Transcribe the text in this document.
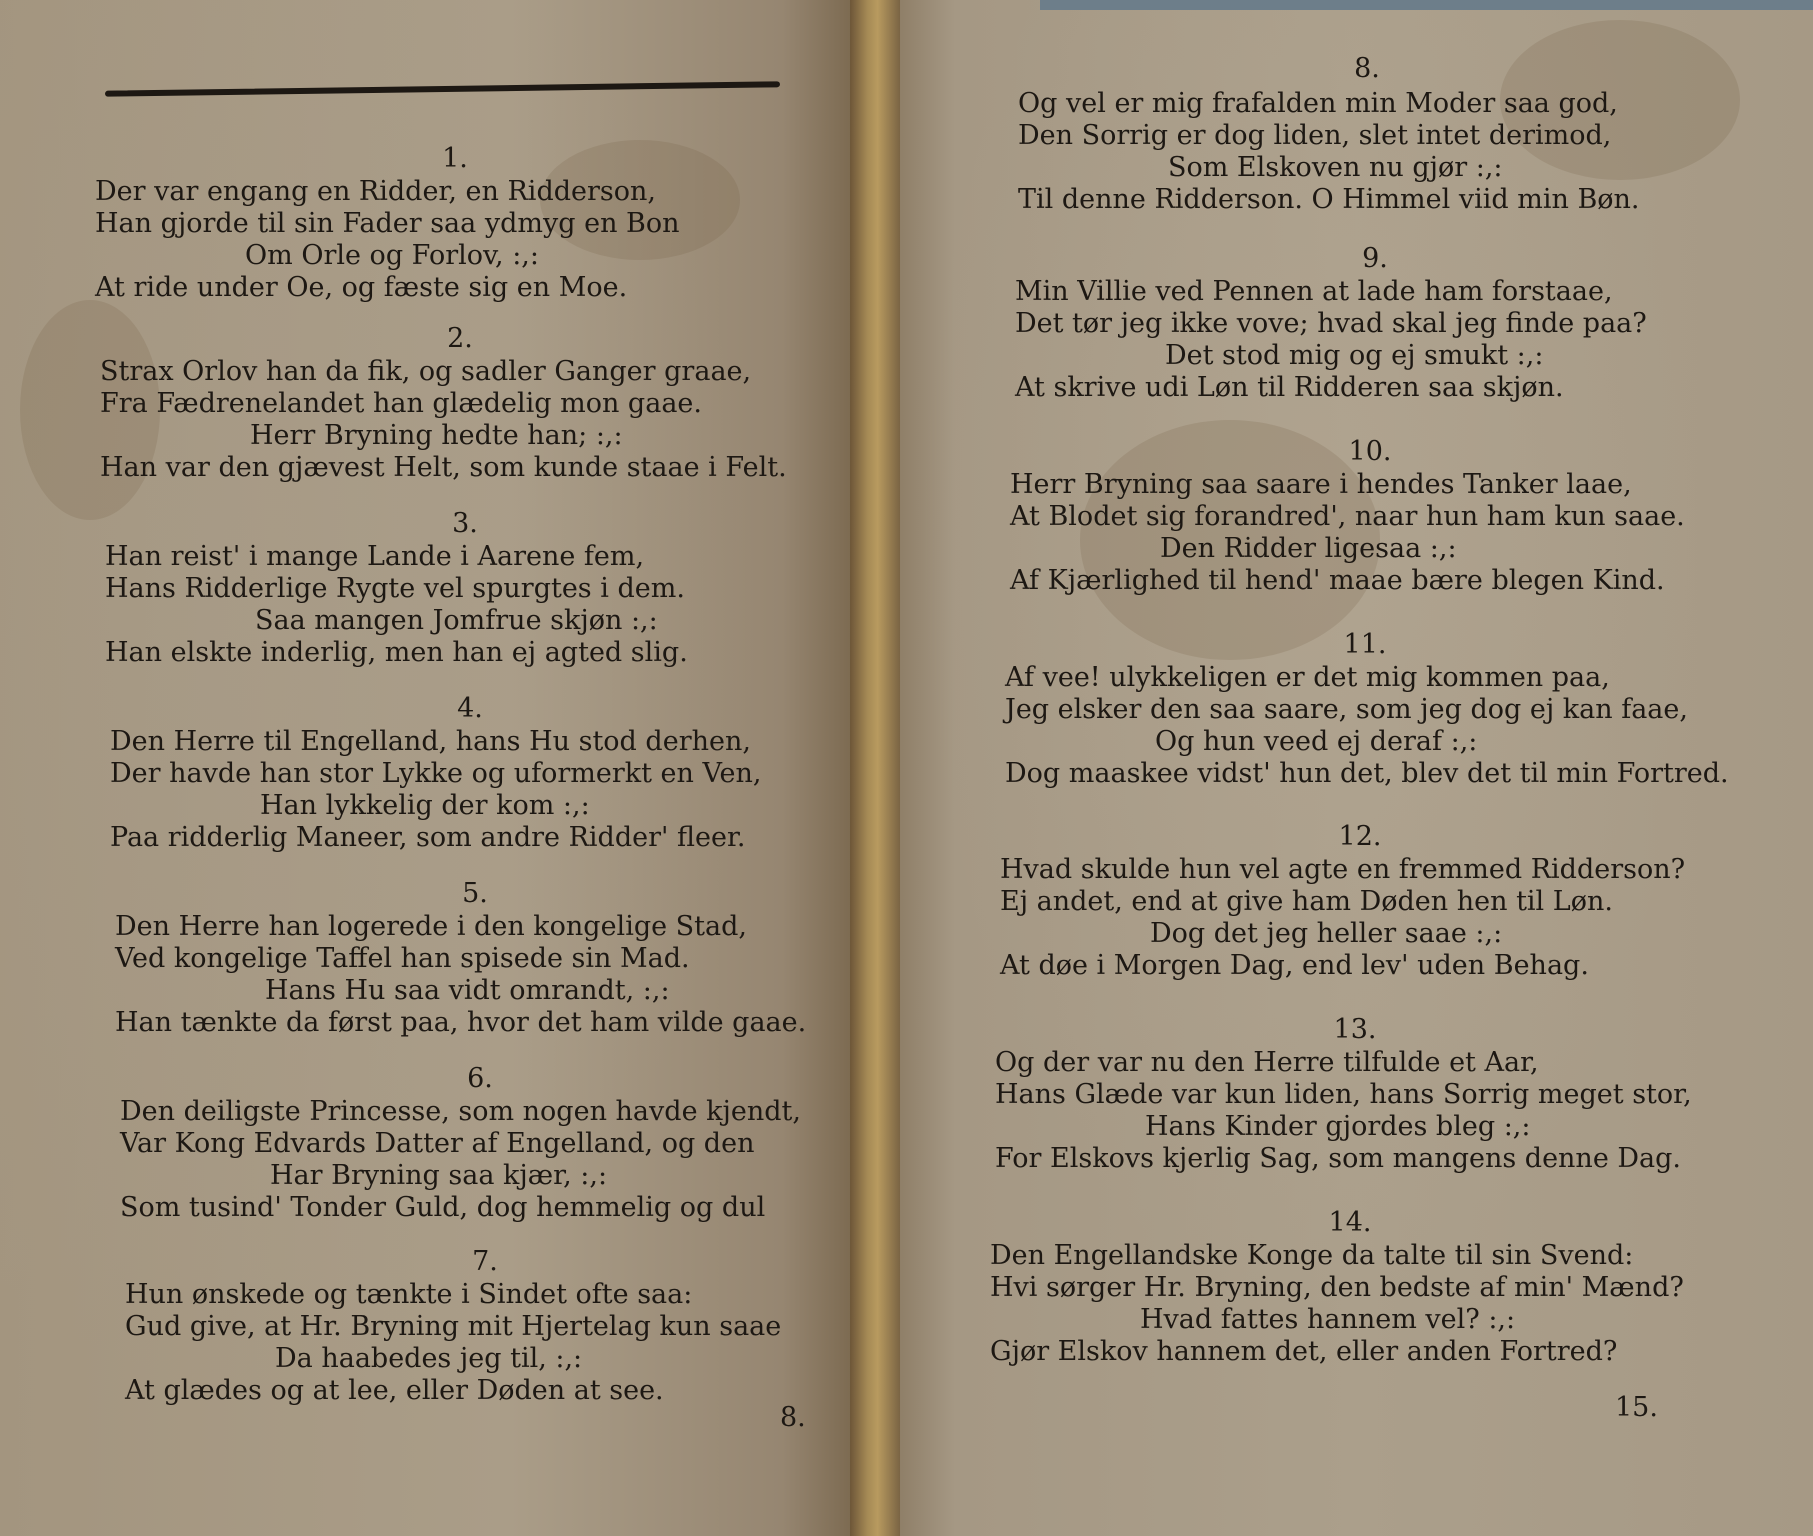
1.
Der var engang en Ridder, en Ridderson,
Han gjorde til sin Fader saa ydmyg en Bon
Om Orle og Forlov, :,:
At ride under Oe, og fæste sig en Moe.
2.
Strax Orlov han da fik, og sadler Ganger graae,
Fra Fædrenelandet han glædelig mon gaae.
Herr Bryning hedte han; :,:
Han var den gjævest Helt, som kunde staae i Felt.
3.
Han reist' i mange Lande i Aarene fem,
Hans Ridderlige Rygte vel spurgtes i dem.
Saa mangen Jomfrue skjøn :,:
Han elskte inderlig, men han ej agted slig.
4.
Den Herre til Engelland, hans Hu stod derhen,
Der havde han stor Lykke og uformerkt en Ven,
Han lykkelig der kom :,:
Paa ridderlig Maneer, som andre Ridder' fleer.
5.
Den Herre han logerede i den kongelige Stad,
Ved kongelige Taffel han spisede sin Mad.
Hans Hu saa vidt omrandt, :,:
Han tænkte da først paa, hvor det ham vilde gaae.
6.
Den deiligste Princesse, som nogen havde kjendt,
Var Kong Edvards Datter af Engelland, og den
Har Bryning saa kjær, :,:
Som tusind' Tonder Guld, dog hemmelig og dul
7.
Hun ønskede og tænkte i Sindet ofte saa:
Gud give, at Hr. Bryning mit Hjertelag kun saae
Da haabedes jeg til, :,:
At glædes og at lee, eller Døden at see.
8.
8.
Og vel er mig frafalden min Moder saa god,
Den Sorrig er dog liden, slet intet derimod,
Som Elskoven nu gjør :,:
Til denne Ridderson. O Himmel viid min Bøn.
9.
Min Villie ved Pennen at lade ham forstaae,
Det tør jeg ikke vove; hvad skal jeg finde paa?
Det stod mig og ej smukt :,:
At skrive udi Løn til Ridderen saa skjøn.
10.
Herr Bryning saa saare i hendes Tanker laae,
At Blodet sig forandred', naar hun ham kun saae.
Den Ridder ligesaa :,:
Af Kjærlighed til hend' maae bære blegen Kind.
11.
Af vee! ulykkeligen er det mig kommen paa,
Jeg elsker den saa saare, som jeg dog ej kan faae,
Og hun veed ej deraf :,:
Dog maaskee vidst' hun det, blev det til min Fortred.
12.
Hvad skulde hun vel agte en fremmed Ridderson?
Ej andet, end at give ham Døden hen til Løn.
Dog det jeg heller saae :,:
At døe i Morgen Dag, end lev' uden Behag.
13.
Og der var nu den Herre tilfulde et Aar,
Hans Glæde var kun liden, hans Sorrig meget stor,
Hans Kinder gjordes bleg :,:
For Elskovs kjerlig Sag, som mangens denne Dag.
14.
Den Engellandske Konge da talte til sin Svend:
Hvi sørger Hr. Bryning, den bedste af min' Mænd?
Hvad fattes hannem vel? :,:
Gjør Elskov hannem det, eller anden Fortred?
15.
